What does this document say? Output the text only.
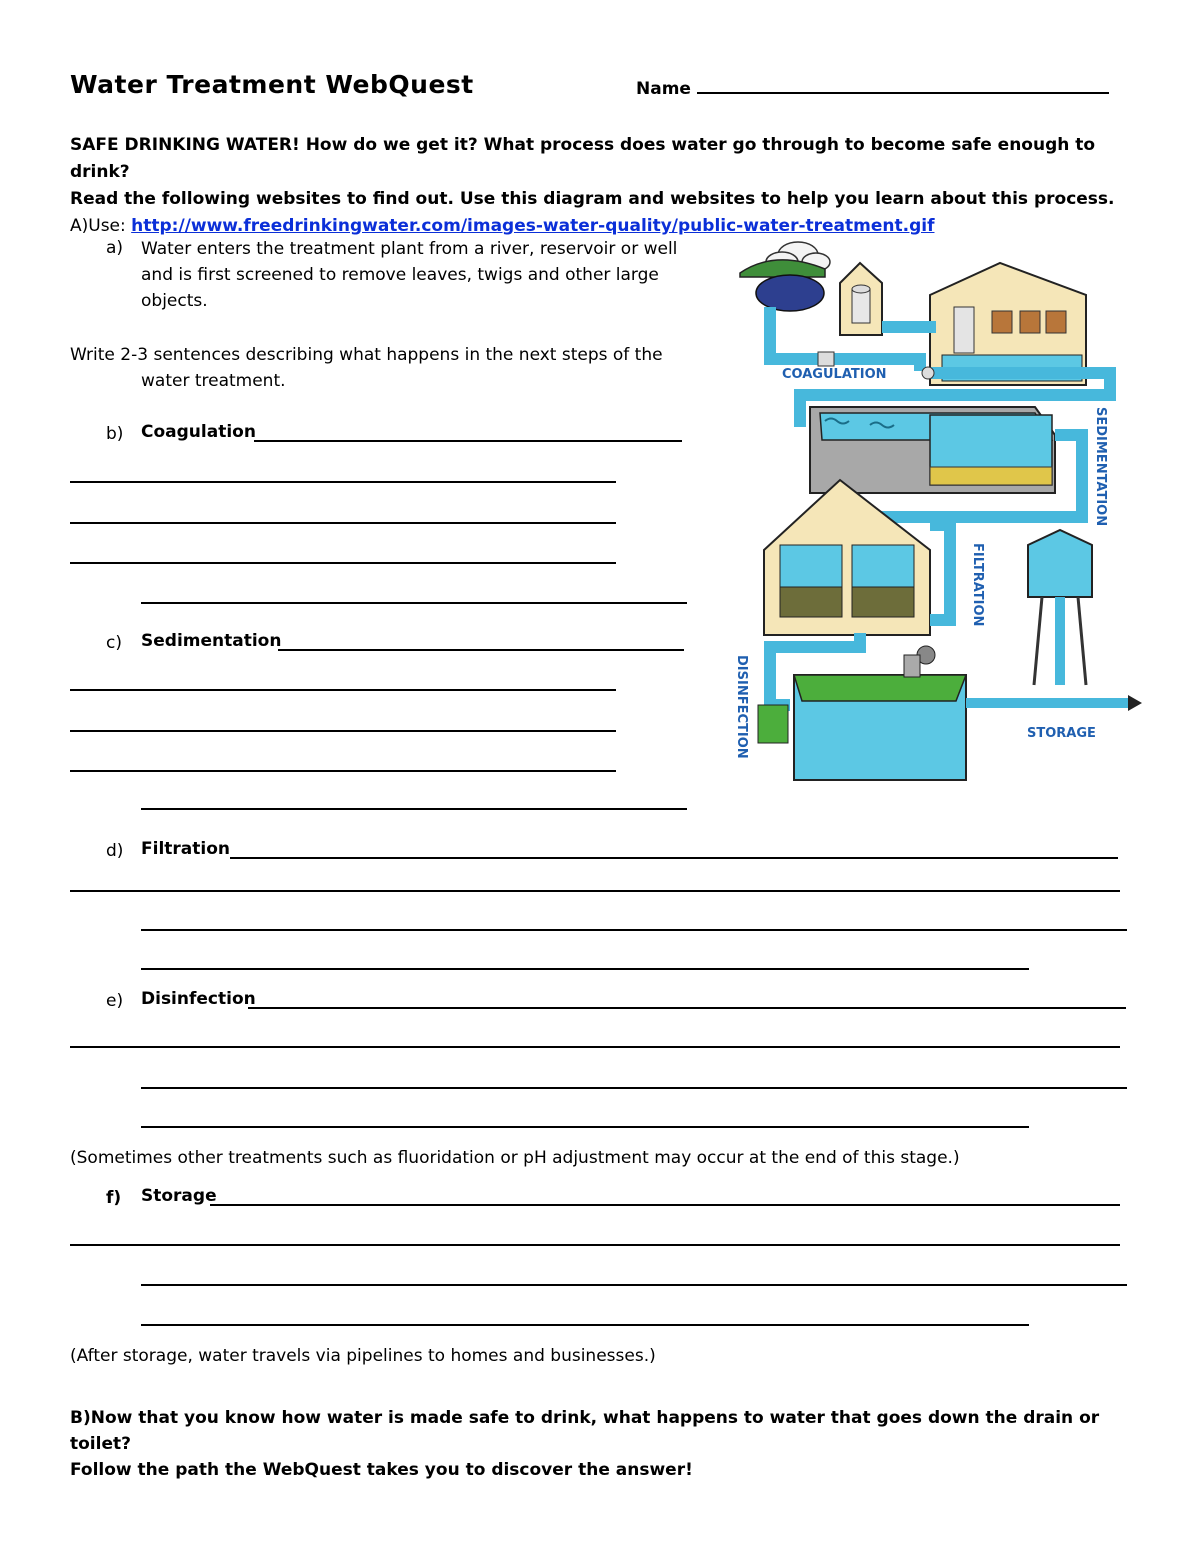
Water Treatment WebQuest	Name
SAFE DRINKING WATER! How do we get it? What process does water go through to become safe enough to drink?
Read the following websites to find out. Use this diagram and websites to help you learn about this process.
A)Use: http://www.freedrinkingwater.com/images-water-quality/public-water-treatment.gif
a) Water enters the treatment plant from a river, reservoir or well and is first screened to remove leaves, twigs and other large objects.
Write 2-3 sentences describing what happens in the next steps of the water treatment.
b) Coagulation
c) Sedimentation
d) Filtration
e) Disinfection
(Sometimes other treatments such as fluoridation or pH adjustment may occur at the end of this stage.)
f) Storage
(After storage, water travels via pipelines to homes and businesses.)
B)Now that you know how water is made safe to drink, what happens to water that goes down the drain or toilet?
Follow the path the WebQuest takes you to discover the answer!
COAGULATION
SEDIMENTATION
FILTRATION
DISINFECTION	STORAGE
